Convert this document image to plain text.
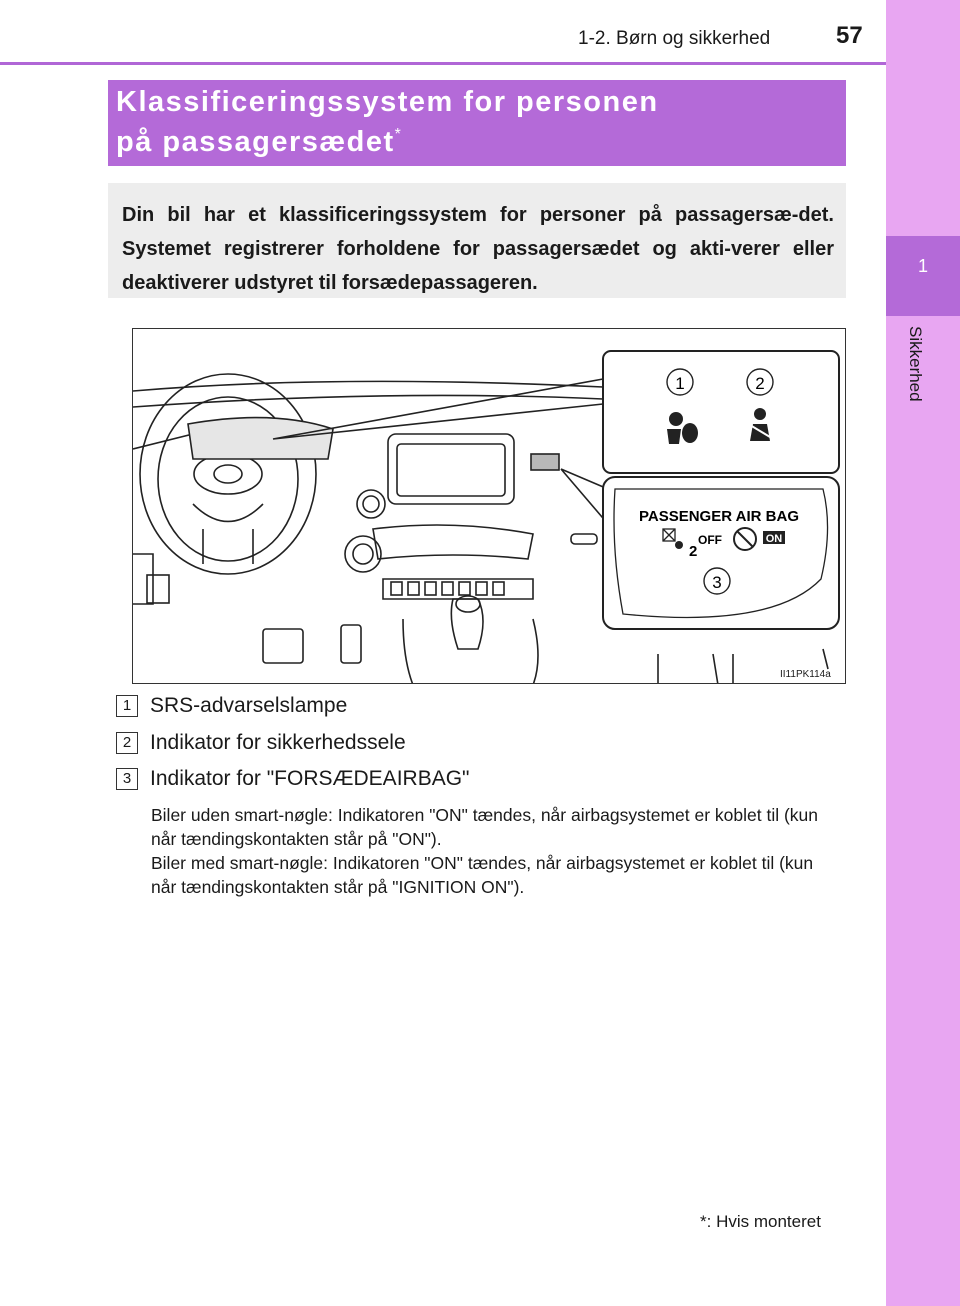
1-2. Børn og sikkerhed	57
1
Sikkerhed
Klassificeringssystem for personen
på passagersædet*
Din bil har et klassificeringssystem for personer på passagersæ-det. Systemet registrerer forholdene for passagersædet og akti-verer eller deaktiverer udstyret til forsædepassageren.
1	2
PASSENGER AIR BAG
2
OFF	ON
3
II11PK114a
1 SRS-advarselslampe
2 Indikator for sikkerhedssele
3 Indikator for "FORSÆDEAIRBAG"
Biler uden smart-nøgle: Indikatoren "ON" tændes, når airbagsystemet er koblet til (kun når tændingskontakten står på "ON").
Biler med smart-nøgle: Indikatoren "ON" tændes, når airbagsystemet er koblet til (kun når tændingskontakten står på "IGNITION ON").
*: Hvis monteret
